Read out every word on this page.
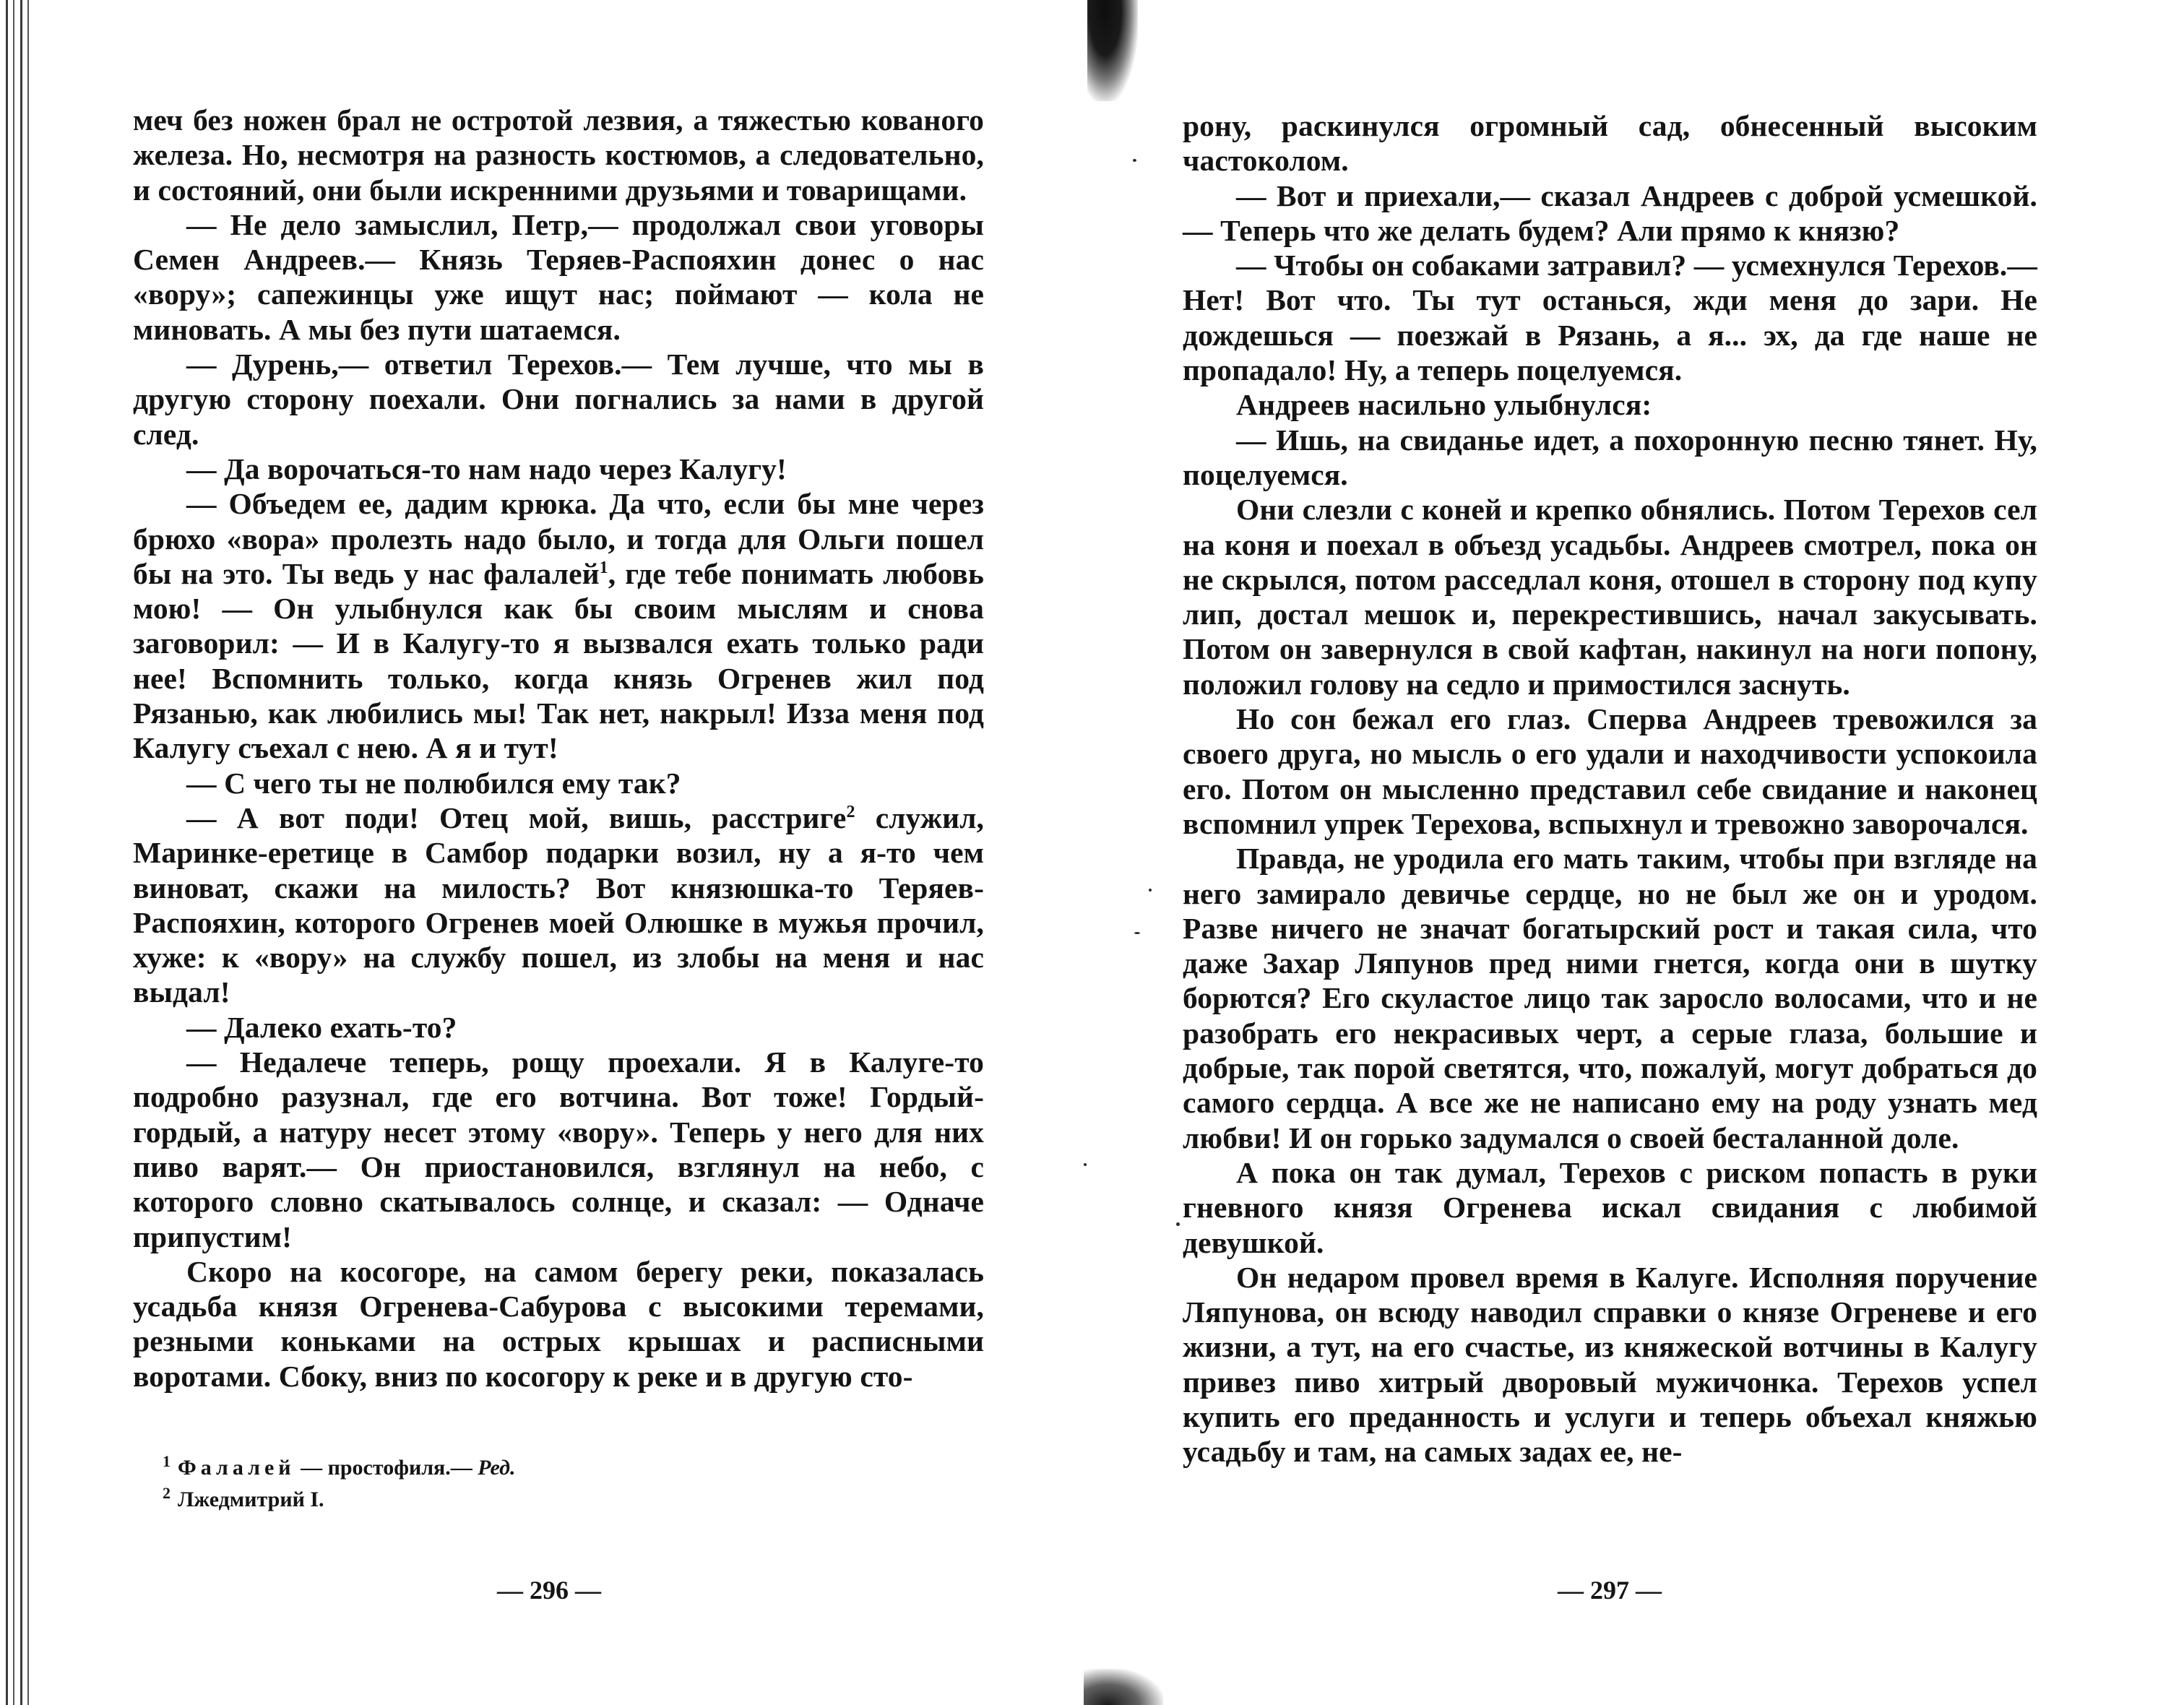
меч без ножен брал не остротой лезвия, а тяжестью кованого железа. Но, несмотря на разность костюмов, а следовательно, и состояний, они были искренними друзьями и товарищами.

— Не дело замыслил, Петр,— продолжал свои уговоры Семен Андреев.— Князь Теряев-Распояхин донес о нас «вору»; сапежинцы уже ищут нас; поймают — кола не миновать. А мы без пути шатаемся.

— Дурень,— ответил Терехов.— Тем лучше, что мы в другую сторону поехали. Они погнались за нами в другой след.

— Да ворочаться-то нам надо через Калугу!

— Объедем ее, дадим крюка. Да что, если бы мне через брюхо «вора» пролезть надо было, и тогда для Ольги пошел бы на это. Ты ведь у нас фалалей$^1$, где тебе понимать любовь мою! — Он улыбнулся как бы своим мыслям и снова заговорил: — И в Калугу-то я вызвался ехать только ради нее! Вспомнить только, когда князь Огренев жил под Рязанью, как любились мы! Так нет, накрыл! Изза меня под Калугу съехал с нею. А я и тут!

— С чего ты не полюбился ему так?

— А вот поди! Отец мой, вишь, расстриге$^2$ служил, Маринке-еретице в Самбор подарки возил, ну а я-то чем виноват, скажи на милость? Вот князюшка-то Теряев-Распояхин, которого Огренев моей Олюшке в мужья прочил, хуже: к «вору» на службу пошел, из злобы на меня и нас выдал!

— Далеко ехать-то?

— Недалече теперь, рощу проехали. Я в Калуге-то подробно разузнал, где его вотчина. Вот тоже! Гордый-гордый, а натуру несет этому «вору». Теперь у него для них пиво варят.— Он приостановился, взглянул на небо, с которого словно скатывалось солнце, и сказал: — Одначе припустим!

Скоро на косогоре, на самом берегу реки, показалась усадьба князя Огренева-Сабурова с высокими теремами, резными коньками на острых крышах и расписными воротами. Сбоку, вниз по косогору к реке и в другую сто-

$^1$ Фалалей — простофиля.— Ред.
$^2$ Лжедмитрий I.
— 296 —

рону, раскинулся огромный сад, обнесенный высоким частоколом.

— Вот и приехали,— сказал Андреев с доброй усмешкой.— Теперь что же делать будем? Али прямо к князю?

— Чтобы он собаками затравил? — усмехнулся Терехов.— Нет! Вот что. Ты тут останься, жди меня до зари. Не дождешься — поезжай в Рязань, а я... эх, да где наше не пропадало! Ну, а теперь поцелуемся.

Андреев насильно улыбнулся:

— Ишь, на свиданье идет, а похоронную песню тянет. Ну, поцелуемся.

Они слезли с коней и крепко обнялись. Потом Терехов сел на коня и поехал в объезд усадьбы. Андреев смотрел, пока он не скрылся, потом расседлал коня, отошел в сторону под купу лип, достал мешок и, перекрестившись, начал закусывать. Потом он завернулся в свой кафтан, накинул на ноги попону, положил голову на седло и примостился заснуть.

Но сон бежал его глаз. Сперва Андреев тревожился за своего друга, но мысль о его удали и находчивости успокоила его. Потом он мысленно представил себе свидание и наконец вспомнил упрек Терехова, вспыхнул и тревожно заворочался.

Правда, не уродила его мать таким, чтобы при взгляде на него замирало девичье сердце, но не был же он и уродом. Разве ничего не значат богатырский рост и такая сила, что даже Захар Ляпунов пред ними гнется, когда они в шутку борются? Его скуластое лицо так заросло волосами, что и не разобрать его некрасивых черт, а серые глаза, большие и добрые, так порой светятся, что, пожалуй, могут добраться до самого сердца. А все же не написано ему на роду узнать мед любви! И он горько задумался о своей бесталанной доле.

А пока он так думал, Терехов с риском попасть в руки гневного князя Огренева искал свидания с любимой девушкой.

Он недаром провел время в Калуге. Исполняя поручение Ляпунова, он всюду наводил справки о князе Огреневе и его жизни, а тут, на его счастье, из княжеской вотчины в Калугу привез пиво хитрый дворовый мужичонка. Терехов успел купить его преданность и услуги и теперь объехал княжью усадьбу и там, на самых задах ее, не-

— 297 —
